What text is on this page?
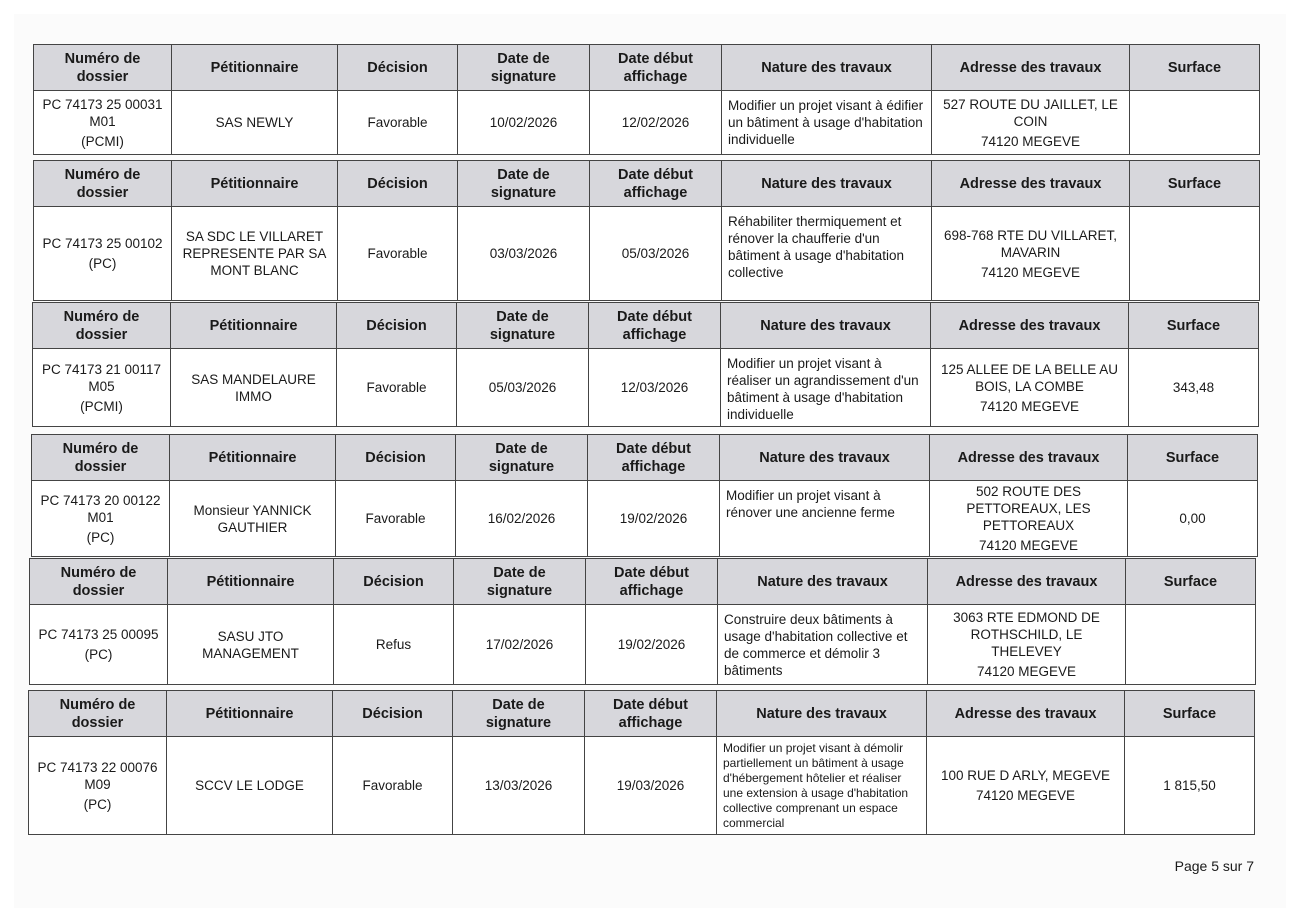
Numéro de dossier	Pétitionnaire	Décision	Date de signature	Date début affichage	Nature des travaux	Adresse des travaux	Surface

PC 74173 25 00031 M01
(PCMI)	SAS NEWLY	Favorable	10/02/2026	12/02/2026	Modifier un projet visant à édifier un bâtiment à usage d'habitation individuelle	527 ROUTE DU JAILLET, LE COIN
74120 MEGEVE	

Numéro de dossier	Pétitionnaire	Décision	Date de signature	Date début affichage	Nature des travaux	Adresse des travaux	Surface

PC 74173 25 00102
(PC)	SA SDC LE VILLARET REPRESENTE PAR SA MONT BLANC	Favorable	03/03/2026	05/03/2026	Réhabiliter thermiquement et rénover la chaufferie d'un bâtiment à usage d'habitation collective	698-768 RTE DU VILLARET, MAVARIN
74120 MEGEVE	

Numéro de dossier	Pétitionnaire	Décision	Date de signature	Date début affichage	Nature des travaux	Adresse des travaux	Surface

PC 74173 21 00117 M05
(PCMI)	SAS MANDELAURE IMMO	Favorable	05/03/2026	12/03/2026	Modifier un projet visant à réaliser un agrandissement d'un bâtiment à usage d'habitation individuelle	125 ALLEE DE LA BELLE AU BOIS, LA COMBE
74120 MEGEVE	343,48
Numéro de dossier	Pétitionnaire	Décision	Date de signature	Date début affichage	Nature des travaux	Adresse des travaux	Surface

PC 74173 20 00122 M01
(PC)	Monsieur YANNICK GAUTHIER	Favorable	16/02/2026	19/02/2026	Modifier un projet visant à rénover une ancienne ferme	502 ROUTE DES PETTOREAUX, LES PETTOREAUX
74120 MEGEVE	0,00
Numéro de dossier	Pétitionnaire	Décision	Date de signature	Date début affichage	Nature des travaux	Adresse des travaux	Surface

PC 74173 25 00095
(PC)	SASU JTO MANAGEMENT	Refus	17/02/2026	19/02/2026	Construire deux bâtiments à usage d'habitation collective et de commerce et démolir 3 bâtiments	3063 RTE EDMOND DE ROTHSCHILD, LE THELEVEY
74120 MEGEVE	

Numéro de dossier	Pétitionnaire	Décision	Date de signature	Date début affichage	Nature des travaux	Adresse des travaux	Surface

PC 74173 22 00076 M09
(PC)	SCCV LE LODGE	Favorable	13/03/2026	19/03/2026	Modifier un projet visant à démolir partiellement un bâtiment à usage d'hébergement hôtelier et réaliser une extension à usage d'habitation collective comprenant un espace commercial	100 RUE D ARLY, MEGEVE
74120 MEGEVE	1 815,50
Page 5 sur 7
